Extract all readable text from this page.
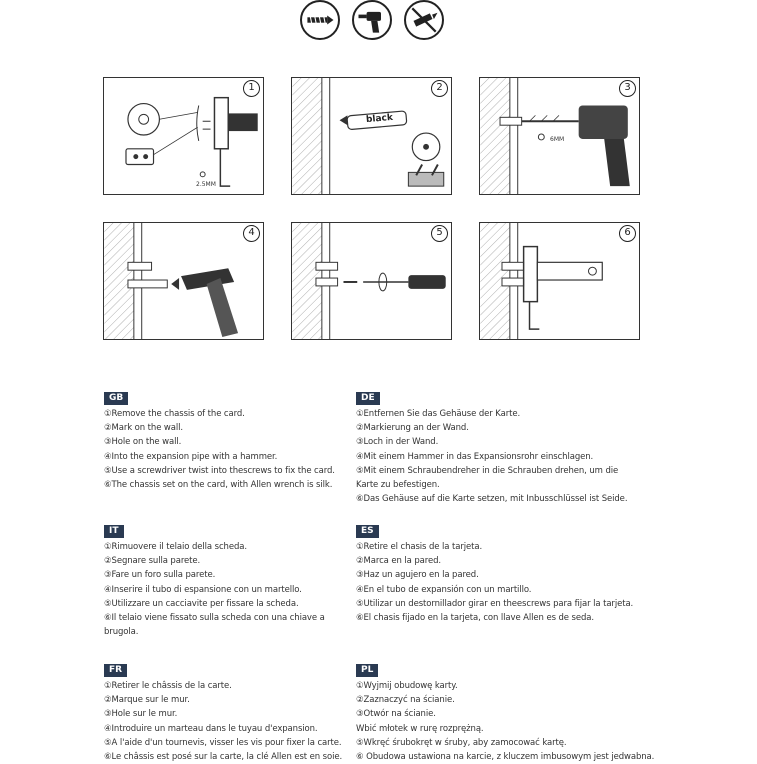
1
2.5MM
2
black
3
6MM
4	5	6
GB
①Remove the chassis of the card.
②Mark on the wall.
③Hole on the wall.
④Into the expansion pipe with a hammer.
⑤Use a screwdriver twist into thescrews to fix the card.
⑥The chassis set on the card, with Allen wrench is silk.
DE
①Entfernen Sie das Gehäuse der Karte.
②Markierung an der Wand.
③Loch in der Wand.
④Mit einem Hammer in das Expansionsrohr einschlagen.
⑤Mit einem Schraubendreher in die Schrauben drehen, um die
Karte zu befestigen.
⑥Das Gehäuse auf die Karte setzen, mit Inbusschlüssel ist Seide.
IT
①Rimuovere il telaio della scheda.
②Segnare sulla parete.
③Fare un foro sulla parete.
④Inserire il tubo di espansione con un martello.
⑤Utilizzare un cacciavite per fissare la scheda.
⑥Il telaio viene fissato sulla scheda con una chiave a
brugola.
ES
①Retire el chasis de la tarjeta.
②Marca en la pared.
③Haz un agujero en la pared.
④En el tubo de expansión con un martillo.
⑤Utilizar un destornillador girar en theescrews para fijar la tarjeta.
⑥El chasis fijado en la tarjeta, con llave Allen es de seda.
FR
①Retirer le châssis de la carte.
②Marque sur le mur.
③Hole sur le mur.
④Introduire un marteau dans le tuyau d'expansion.
⑤A l'aide d'un tournevis, visser les vis pour fixer la carte.
⑥Le châssis est posé sur la carte, la clé Allen est en soie.
PL
①Wyjmij obudowę karty.
②Zaznaczyć na ścianie.
③Otwór na ścianie.
Wbić młotek w rurę rozprężną.
⑤Wkręć śrubokręt w śruby, aby zamocować kartę.
⑥ Obudowa ustawiona na karcie, z kluczem imbusowym jest jedwabna.
